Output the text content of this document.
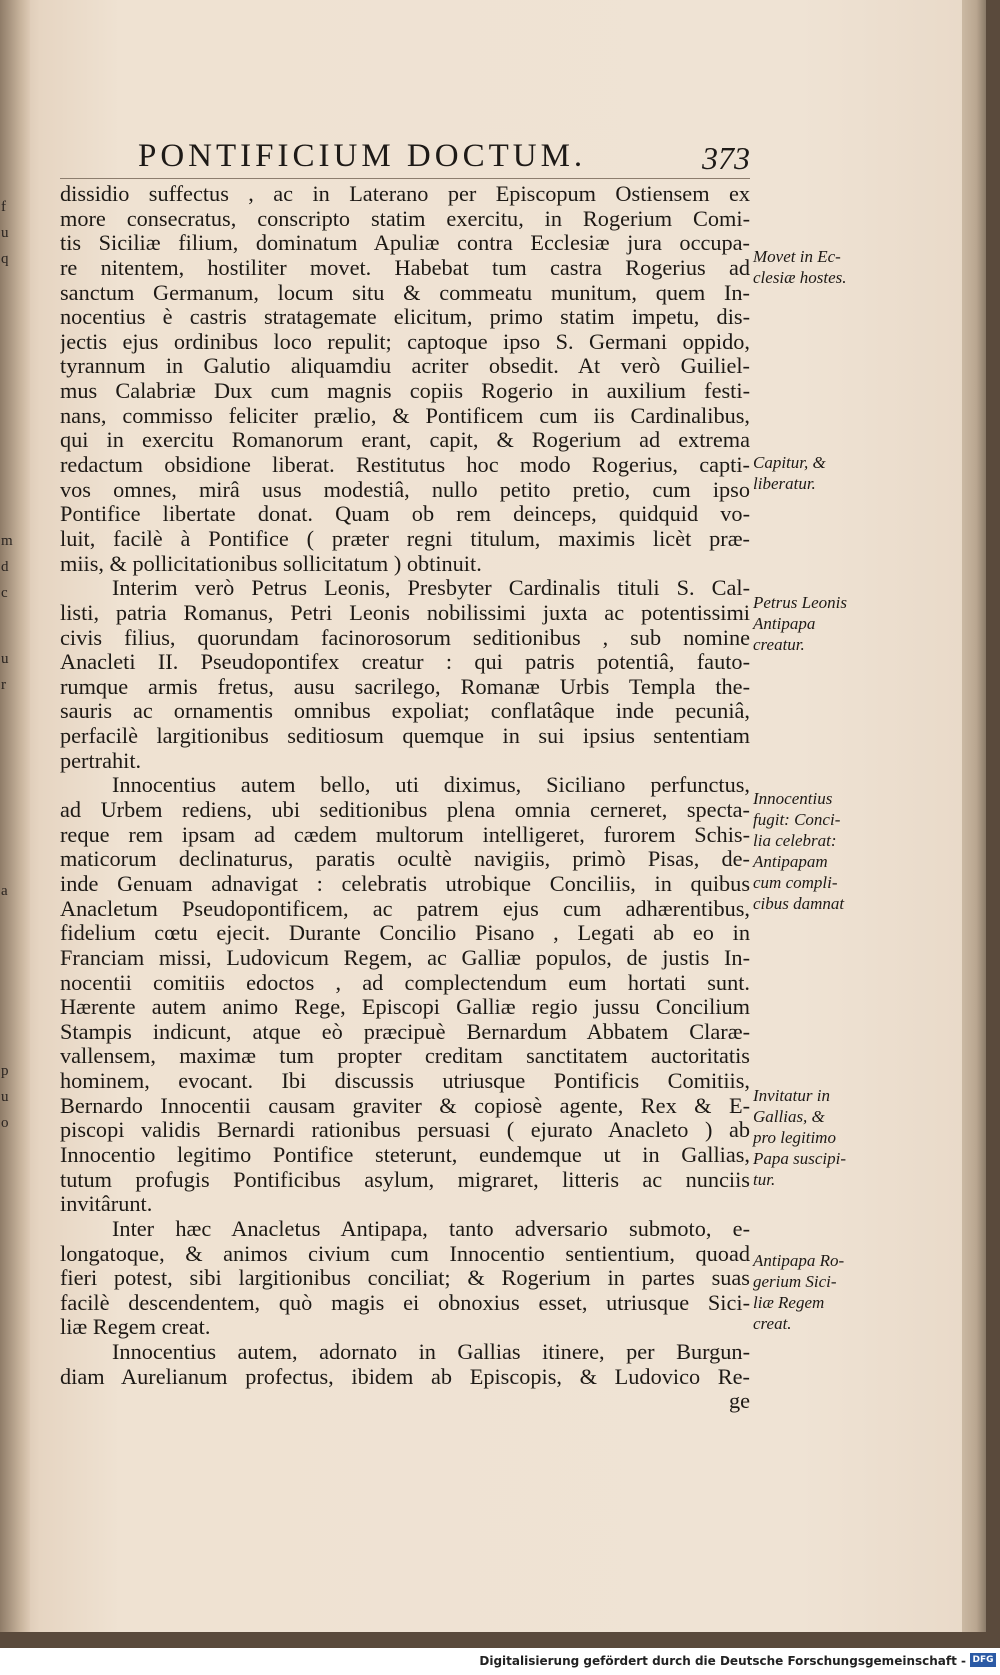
f
u
q
m
d
c
u
r
a
p
u
o
PONTIFICIUM DOCTUM.	373
dissidio suffectus , ac in Laterano per Episcopum Ostiensem ex
more consecratus, conscripto statim exercitu, in Rogerium Comi-
tis Siciliæ filium, dominatum Apuliæ contra Ecclesiæ jura occupa-
re nitentem, hostiliter movet. Habebat tum castra Rogerius ad
sanctum Germanum, locum situ & commeatu munitum, quem In-
nocentius è castris stratagemate elicitum, primo statim impetu, dis-
jectis ejus ordinibus loco repulit; captoque ipso S. Germani oppido,
tyrannum in Galutio aliquamdiu acriter obsedit. At verò Guiliel-
mus Calabriæ Dux cum magnis copiis Rogerio in auxilium festi-
nans, commisso feliciter prælio, & Pontificem cum iis Cardinalibus,
qui in exercitu Romanorum erant, capit, & Rogerium ad extrema
redactum obsidione liberat. Restitutus hoc modo Rogerius, capti-
vos omnes, mirâ usus modestiâ, nullo petito pretio, cum ipso
Pontifice libertate donat. Quam ob rem deinceps, quidquid vo-
luit, facilè à Pontifice ( præter regni titulum, maximis licèt præ-
miis, & pollicitationibus sollicitatum ) obtinuit.
Interim verò Petrus Leonis, Presbyter Cardinalis tituli S. Cal-
listi, patria Romanus, Petri Leonis nobilissimi juxta ac potentissimi
civis filius, quorundam facinorosorum seditionibus , sub nomine
Anacleti II. Pseudopontifex creatur : qui patris potentiâ, fauto-
rumque armis fretus, ausu sacrilego, Romanæ Urbis Templa the-
sauris ac ornamentis omnibus expoliat; conflatâque inde pecuniâ,
perfacilè largitionibus seditiosum quemque in sui ipsius sententiam
pertrahit.
Innocentius autem bello, uti diximus, Siciliano perfunctus,
ad Urbem rediens, ubi seditionibus plena omnia cerneret, specta-
reque rem ipsam ad cædem multorum intelligeret, furorem Schis-
maticorum declinaturus, paratis ocultè navigiis, primò Pisas, de-
inde Genuam adnavigat : celebratis utrobique Conciliis, in quibus
Anacletum Pseudopontificem, ac patrem ejus cum adhærentibus,
fidelium cœtu ejecit. Durante Concilio Pisano , Legati ab eo in
Franciam missi, Ludovicum Regem, ac Galliæ populos, de justis In-
nocentii comitiis edoctos , ad complectendum eum hortati sunt.
Hærente autem animo Rege, Episcopi Galliæ regio jussu Concilium
Stampis indicunt, atque eò præcipuè Bernardum Abbatem Claræ-
vallensem, maximæ tum propter creditam sanctitatem auctoritatis
hominem, evocant. Ibi discussis utriusque Pontificis Comitiis,
Bernardo Innocentii causam graviter & copiosè agente, Rex & E-
piscopi validis Bernardi rationibus persuasi ( ejurato Anacleto ) ab
Innocentio legitimo Pontifice steterunt, eundemque ut in Gallias,
tutum profugis Pontificibus asylum, migraret, litteris ac nunciis
invitârunt.
Inter hæc Anacletus Antipapa, tanto adversario submoto, e-
longatoque, & animos civium cum Innocentio sentientium, quoad
fieri potest, sibi largitionibus conciliat; & Rogerium in partes suas
facilè descendentem, quò magis ei obnoxius esset, utriusque Sici-
liæ Regem creat.
Innocentius autem, adornato in Gallias itinere, per Burgun-
diam Aurelianum profectus, ibidem ab Episcopis, & Ludovico Re-
ge
Movet in Ec-
clesiæ hostes.
Capitur, &
liberatur.
Petrus Leonis
Antipapa
creatur.
Innocentius
fugit: Conci-
lia celebrat:
Antipapam
cum compli-
cibus damnat
Invitatur in
Gallias, &
pro legitimo
Papa suscipi-
tur.
Antipapa Ro-
gerium Sici-
liæ Regem
creat.
Digitalisierung gefördert durch die Deutsche Forschungsgemeinschaft - DFG
